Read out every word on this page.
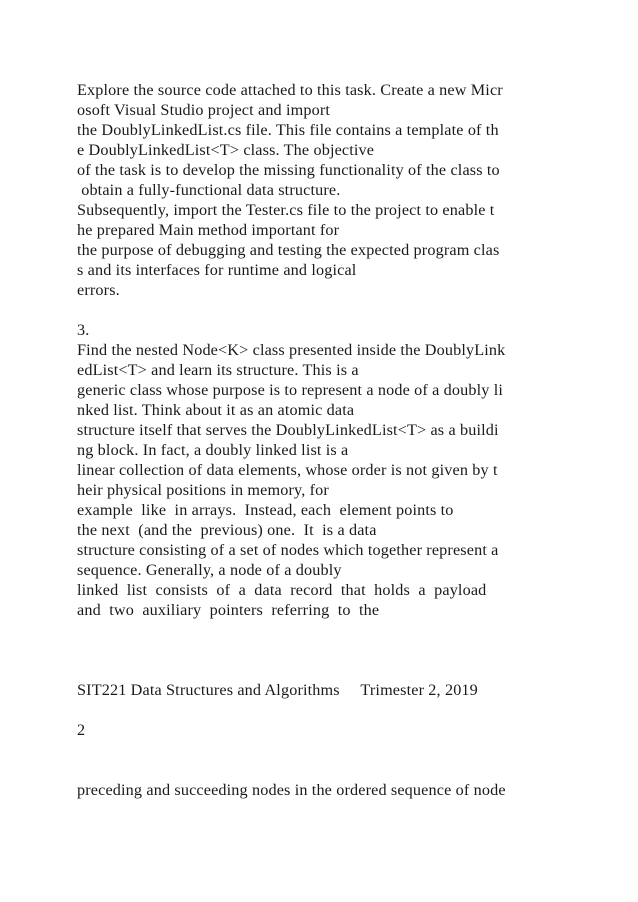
Explore the source code attached to this task. Create a new Micr
osoft Visual Studio project and import
the DoublyLinkedList.cs file. This file contains a template of th
e DoublyLinkedList<T> class. The objective
of the task is to develop the missing functionality of the class to
obtain a fully-functional data structure.
Subsequently, import the Tester.cs file to the project to enable t
he prepared Main method important for
the purpose of debugging and testing the expected program clas
s and its interfaces for runtime and logical
errors.
3.
Find the nested Node<K> class presented inside the DoublyLink
edList<T> and learn its structure. This is a
generic class whose purpose is to represent a node of a doubly li
nked list. Think about it as an atomic data
structure itself that serves the DoublyLinkedList<T> as a buildi
ng block. In fact, a doubly linked list is a
linear collection of data elements, whose order is not given by t
heir physical positions in memory, for
example  like  in arrays.  Instead, each  element points to
the next  (and the  previous) one.  It  is a data
structure consisting of a set of nodes which together represent a
sequence. Generally, a node of a doubly
linked  list  consists  of  a  data  record  that  holds  a  payload
and  two  auxiliary  pointers  referring  to  the
SIT221 Data Structures and Algorithms     Trimester 2, 2019
2
preceding and succeeding nodes in the ordered sequence of node
